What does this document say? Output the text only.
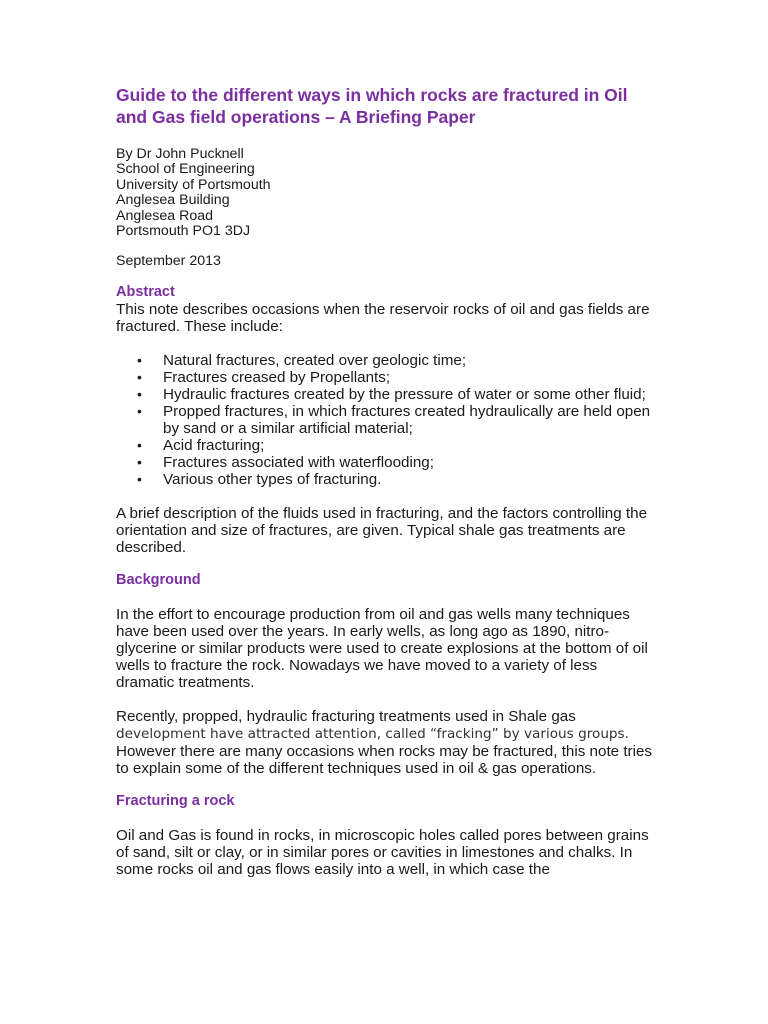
Guide to the different ways in which rocks are fractured in Oil and Gas field operations – A Briefing Paper
By Dr John Pucknell
School of Engineering
University of Portsmouth
Anglesea Building
Anglesea Road
Portsmouth PO1 3DJ
September 2013
Abstract

This note describes occasions when the reservoir rocks of oil and gas fields are fractured. These include:

• Natural fractures, created over geologic time;
• Fractures creased by Propellants;
• Hydraulic fractures created by the pressure of water or some other fluid;
• Propped fractures, in which fractures created hydraulically are held open by sand or a similar artificial material;
• Acid fracturing;
• Fractures associated with waterflooding;
• Various other types of fracturing.

A brief description of the fluids used in fracturing, and the factors controlling the orientation and size of fractures, are given. Typical shale gas treatments are described.

Background

In the effort to encourage production from oil and gas wells many techniques have been used over the years. In early wells, as long ago as 1890, nitro-glycerine or similar products were used to create explosions at the bottom of oil wells to fracture the rock. Nowadays we have moved to a variety of less dramatic treatments.

Recently, propped, hydraulic fracturing treatments used in Shale gas
development have attracted attention, called “fracking” by various groups.
However there are many occasions when rocks may be fractured, this note tries to explain some of the different techniques used in oil & gas operations.

Fracturing a rock

Oil and Gas is found in rocks, in microscopic holes called pores between grains of sand, silt or clay, or in similar pores or cavities in limestones and chalks. In some rocks oil and gas flows easily into a well, in which case the
